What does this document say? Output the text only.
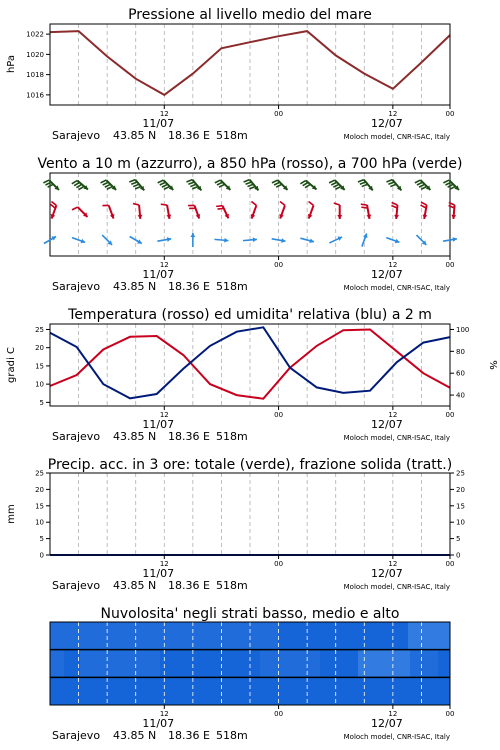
Pressione al livello medio del mare
1016
1018
1020
1022
hPa
12	00	12	00
11/07	12/07
Sarajevo 43.85 N 18.36 E 518m	Moloch model, CNR-ISAC, Italy
Vento a 10 m (azzurro), a 850 hPa (rosso), a 700 hPa (verde)
12	00	12	00
11/07	12/07
Sarajevo 43.85 N 18.36 E 518m	Moloch model, CNR-ISAC, Italy
Temperatura (rosso) ed umidita' relativa (blu) a 2 m
5
10
15
20
25
40
60
80
100
gradi C	%
12	00	12	00
11/07	12/07
Sarajevo 43.85 N 18.36 E 518m	Moloch model, CNR-ISAC, Italy
Precip. acc. in 3 ore: totale (verde), frazione solida (tratt.)
0
5
10
15
20
25
0
5
10
15
20
25
mm
12	00	12	00
11/07	12/07
Sarajevo 43.85 N 18.36 E 518m	Moloch model, CNR-ISAC, Italy
Nuvolosita' negli strati basso, medio e alto
12	00	12	00
11/07	12/07
Sarajevo 43.85 N 18.36 E 518m	Moloch model, CNR-ISAC, Italy
